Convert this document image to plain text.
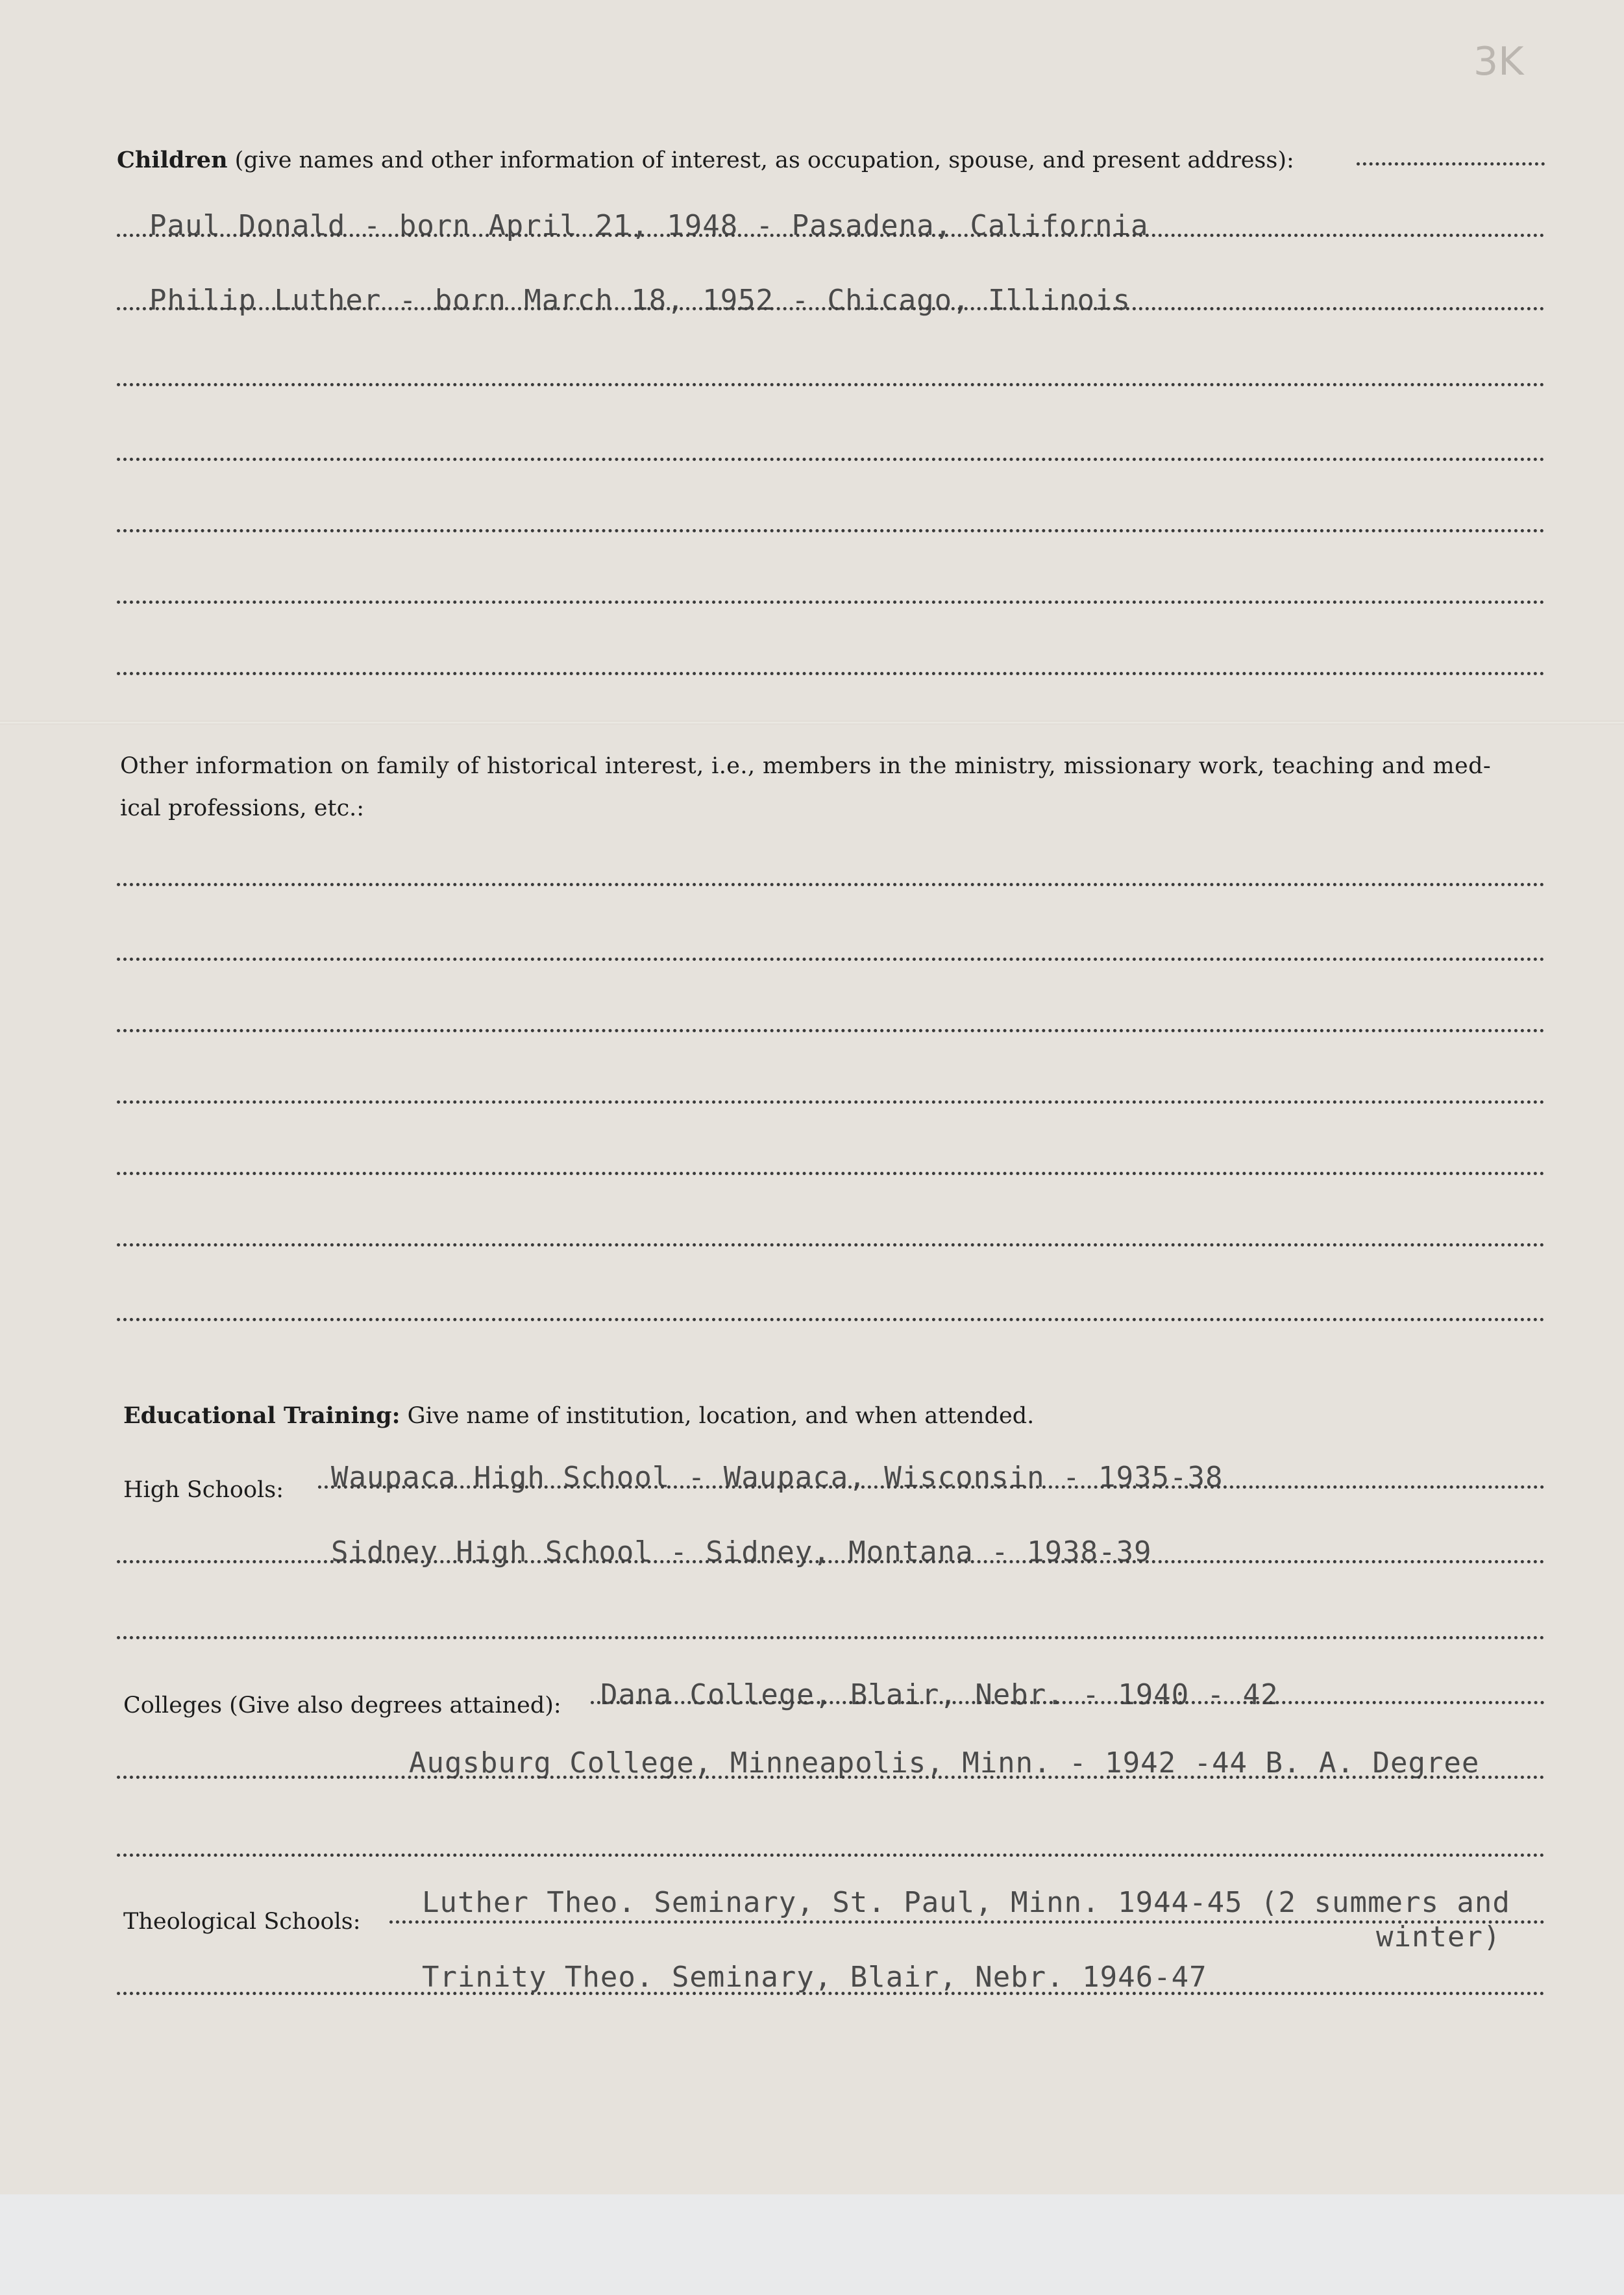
3K
Children (give names and other information of interest, as occupation, spouse, and present address):
Paul Donald - born April 21, 1948 - Pasadena, California
Philip Luther - born March 18, 1952 - Chicago, Illinois
Other information on family of historical interest, i.e., members in the ministry, missionary work, teaching and med-
ical professions, etc.:
Educational Training: Give name of institution, location, and when attended.
High Schools: Waupaca High School - Waupaca, Wisconsin - 1935-38
Sidney High School - Sidney, Montana - 1938-39
Colleges (Give also degrees attained): Dana College, Blair, Nebr. - 1940 - 42
Augsburg College, Minneapolis, Minn. - 1942 -44 B. A. Degree
Theological Schools:
Luther Theo. Seminary, St. Paul, Minn. 1944-45 (2 summers and
winter)
Trinity Theo. Seminary, Blair, Nebr. 1946-47
